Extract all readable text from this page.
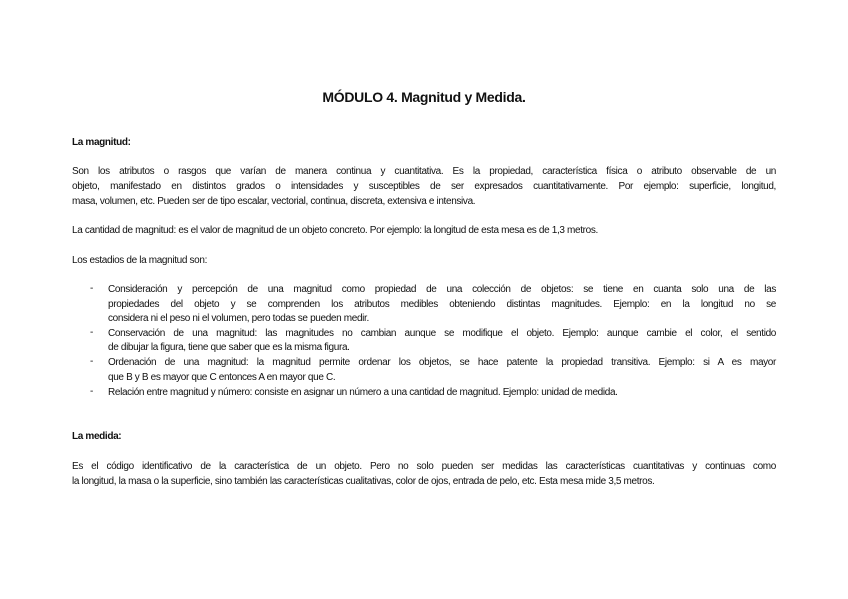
MÓDULO 4. Magnitud y Medida.
La magnitud:
Son los atributos o rasgos que varían de manera continua y cuantitativa. Es la propiedad, característica física o atributo observable de un
objeto, manifestado en distintos grados o intensidades y susceptibles de ser expresados cuantitativamente. Por ejemplo: superficie, longitud,
masa, volumen, etc. Pueden ser de tipo escalar, vectorial, continua, discreta, extensiva e intensiva.
La cantidad de magnitud: es el valor de magnitud de un objeto concreto. Por ejemplo: la longitud de esta mesa es de 1,3 metros.
Los estadios de la magnitud son:
- Consideración y percepción de una magnitud como propiedad de una colección de objetos: se tiene en cuanta solo una de las
propiedades del objeto y se comprenden los atributos medibles obteniendo distintas magnitudes. Ejemplo: en la longitud no se
considera ni el peso ni el volumen, pero todas se pueden medir.
- Conservación de una magnitud: las magnitudes no cambian aunque se modifique el objeto. Ejemplo: aunque cambie el color, el sentido
de dibujar la figura, tiene que saber que es la misma figura.
- Ordenación de una magnitud: la magnitud permite ordenar los objetos, se hace patente la propiedad transitiva. Ejemplo: si A es mayor
que B y B es mayor que C entonces A en mayor que C.
- Relación entre magnitud y número: consiste en asignar un número a una cantidad de magnitud. Ejemplo: unidad de medida.
La medida:
Es el código identificativo de la característica de un objeto. Pero no solo pueden ser medidas las características cuantitativas y continuas como
la longitud, la masa o la superficie, sino también las características cualitativas, color de ojos, entrada de pelo, etc. Esta mesa mide 3,5 metros.
